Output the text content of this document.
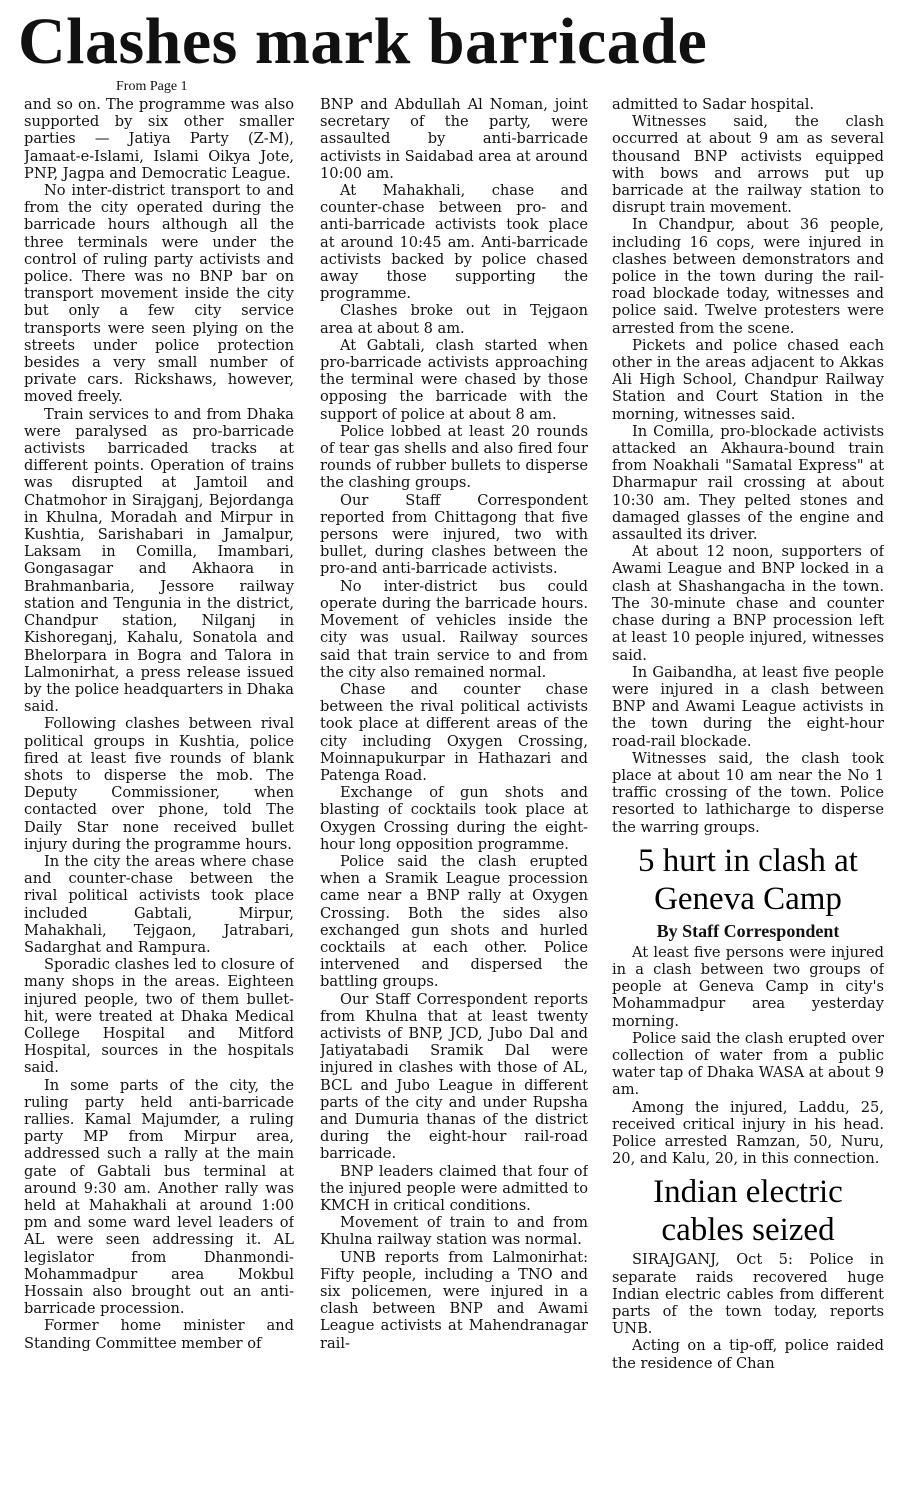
Clashes mark barricade
From Page 1

and so on. The programme was also supported by six other smaller parties — Jatiya Party (Z-M), Jamaat-e-Islami, Islami Oikya Jote, PNP, Jagpa and Democratic League.

No inter-district transport to and from the city operated during the barricade hours although all the three terminals were under the control of ruling party activists and police. There was no BNP bar on transport movement inside the city but only a few city service transports were seen plying on the streets under police protection besides a very small number of private cars. Rickshaws, however, moved freely.

Train services to and from Dhaka were paralysed as pro-barricade activists barricaded tracks at different points. Operation of trains was disrupted at Jamtoil and Chatmohor in Sirajganj, Bejordanga in Khulna, Moradah and Mirpur in Kushtia, Sarishabari in Jamalpur, Laksam in Comilla, Imambari, Gongasagar and Akhaora in Brahmanbaria, Jessore railway station and Tengunia in the district, Chandpur station, Nilganj in Kishoreganj, Kahalu, Sonatola and Bhelorpara in Bogra and Talora in Lalmonirhat, a press release issued by the police headquarters in Dhaka said.

Following clashes between rival political groups in Kushtia, police fired at least five rounds of blank shots to disperse the mob. The Deputy Commissioner, when contacted over phone, told The Daily Star none received bullet injury during the programme hours.

In the city the areas where chase and counter-chase between the rival political activists took place included Gabtali, Mirpur, Mahakhali, Tejgaon, Jatrabari, Sadarghat and Rampura.

Sporadic clashes led to closure of many shops in the areas. Eighteen injured people, two of them bullet-hit, were treated at Dhaka Medical College Hospital and Mitford Hospital, sources in the hospitals said.

In some parts of the city, the ruling party held anti-barricade rallies. Kamal Majumder, a ruling party MP from Mirpur area, addressed such a rally at the main gate of Gabtali bus terminal at around 9:30 am. Another rally was held at Mahakhali at around 1:00 pm and some ward level leaders of AL were seen addressing it. AL legislator from Dhanmondi-Mohammadpur area Mokbul Hossain also brought out an anti-barricade procession.

Former home minister and Standing Committee member of

BNP and Abdullah Al Noman, joint secretary of the party, were assaulted by anti-barricade activists in Saidabad area at around 10:00 am.

At Mahakhali, chase and counter-chase between pro- and anti-barricade activists took place at around 10:45 am. Anti-barricade activists backed by police chased away those supporting the programme.

Clashes broke out in Tejgaon area at about 8 am.

At Gabtali, clash started when pro-barricade activists approaching the terminal were chased by those opposing the barricade with the support of police at about 8 am.

Police lobbed at least 20 rounds of tear gas shells and also fired four rounds of rubber bullets to disperse the clashing groups.

Our Staff Correspondent reported from Chittagong that five persons were injured, two with bullet, during clashes between the pro-and anti-barricade activists.

No inter-district bus could operate during the barricade hours. Movement of vehicles inside the city was usual. Railway sources said that train service to and from the city also remained normal.

Chase and counter chase between the rival political activists took place at different areas of the city including Oxygen Crossing, Moinnapukurpar in Hathazari and Patenga Road.

Exchange of gun shots and blasting of cocktails took place at Oxygen Crossing during the eight-hour long opposition programme.

Police said the clash erupted when a Sramik League procession came near a BNP rally at Oxygen Crossing. Both the sides also exchanged gun shots and hurled cocktails at each other. Police intervened and dispersed the battling groups.

Our Staff Correspondent reports from Khulna that at least twenty activists of BNP, JCD, Jubo Dal and Jatiyatabadi Sramik Dal were injured in clashes with those of AL, BCL and Jubo League in different parts of the city and under Rupsha and Dumuria thanas of the district during the eight-hour rail-road barricade.

BNP leaders claimed that four of the injured people were admitted to KMCH in critical conditions.

Movement of train to and from Khulna railway station was normal.

UNB reports from Lalmonirhat: Fifty people, including a TNO and six policemen, were injured in a clash between BNP and Awami League activists at Mahendranagar rail-

admitted to Sadar hospital.

Witnesses said, the clash occurred at about 9 am as several thousand BNP activists equipped with bows and arrows put up barricade at the railway station to disrupt train movement.

In Chandpur, about 36 people, including 16 cops, were injured in clashes between demonstrators and police in the town during the rail-road blockade today, witnesses and police said. Twelve protesters were arrested from the scene.

Pickets and police chased each other in the areas adjacent to Akkas Ali High School, Chandpur Railway Station and Court Station in the morning, witnesses said.

In Comilla, pro-blockade activists attacked an Akhaura-bound train from Noakhali "Samatal Express" at Dharmapur rail crossing at about 10:30 am. They pelted stones and damaged glasses of the engine and assaulted its driver.

At about 12 noon, supporters of Awami League and BNP locked in a clash at Shashangacha in the town. The 30-minute chase and counter chase during a BNP procession left at least 10 people injured, witnesses said.

In Gaibandha, at least five people were injured in a clash between BNP and Awami League activists in the town during the eight-hour road-rail blockade.

Witnesses said, the clash took place at about 10 am near the No 1 traffic crossing of the town. Police resorted to lathicharge to disperse the warring groups.

5 hurt in clash at Geneva Camp
By Staff Correspondent

At least five persons were injured in a clash between two groups of people at Geneva Camp in city's Mohammadpur area yesterday morning.

Police said the clash erupted over collection of water from a public water tap of Dhaka WASA at about 9 am.

Among the injured, Laddu, 25, received critical injury in his head. Police arrested Ramzan, 50, Nuru, 20, and Kalu, 20, in this connection.

Indian electric cables seized

SIRAJGANJ, Oct 5: Police in separate raids recovered huge Indian electric cables from different parts of the town today, reports UNB.

Acting on a tip-off, police raided the residence of Chan
